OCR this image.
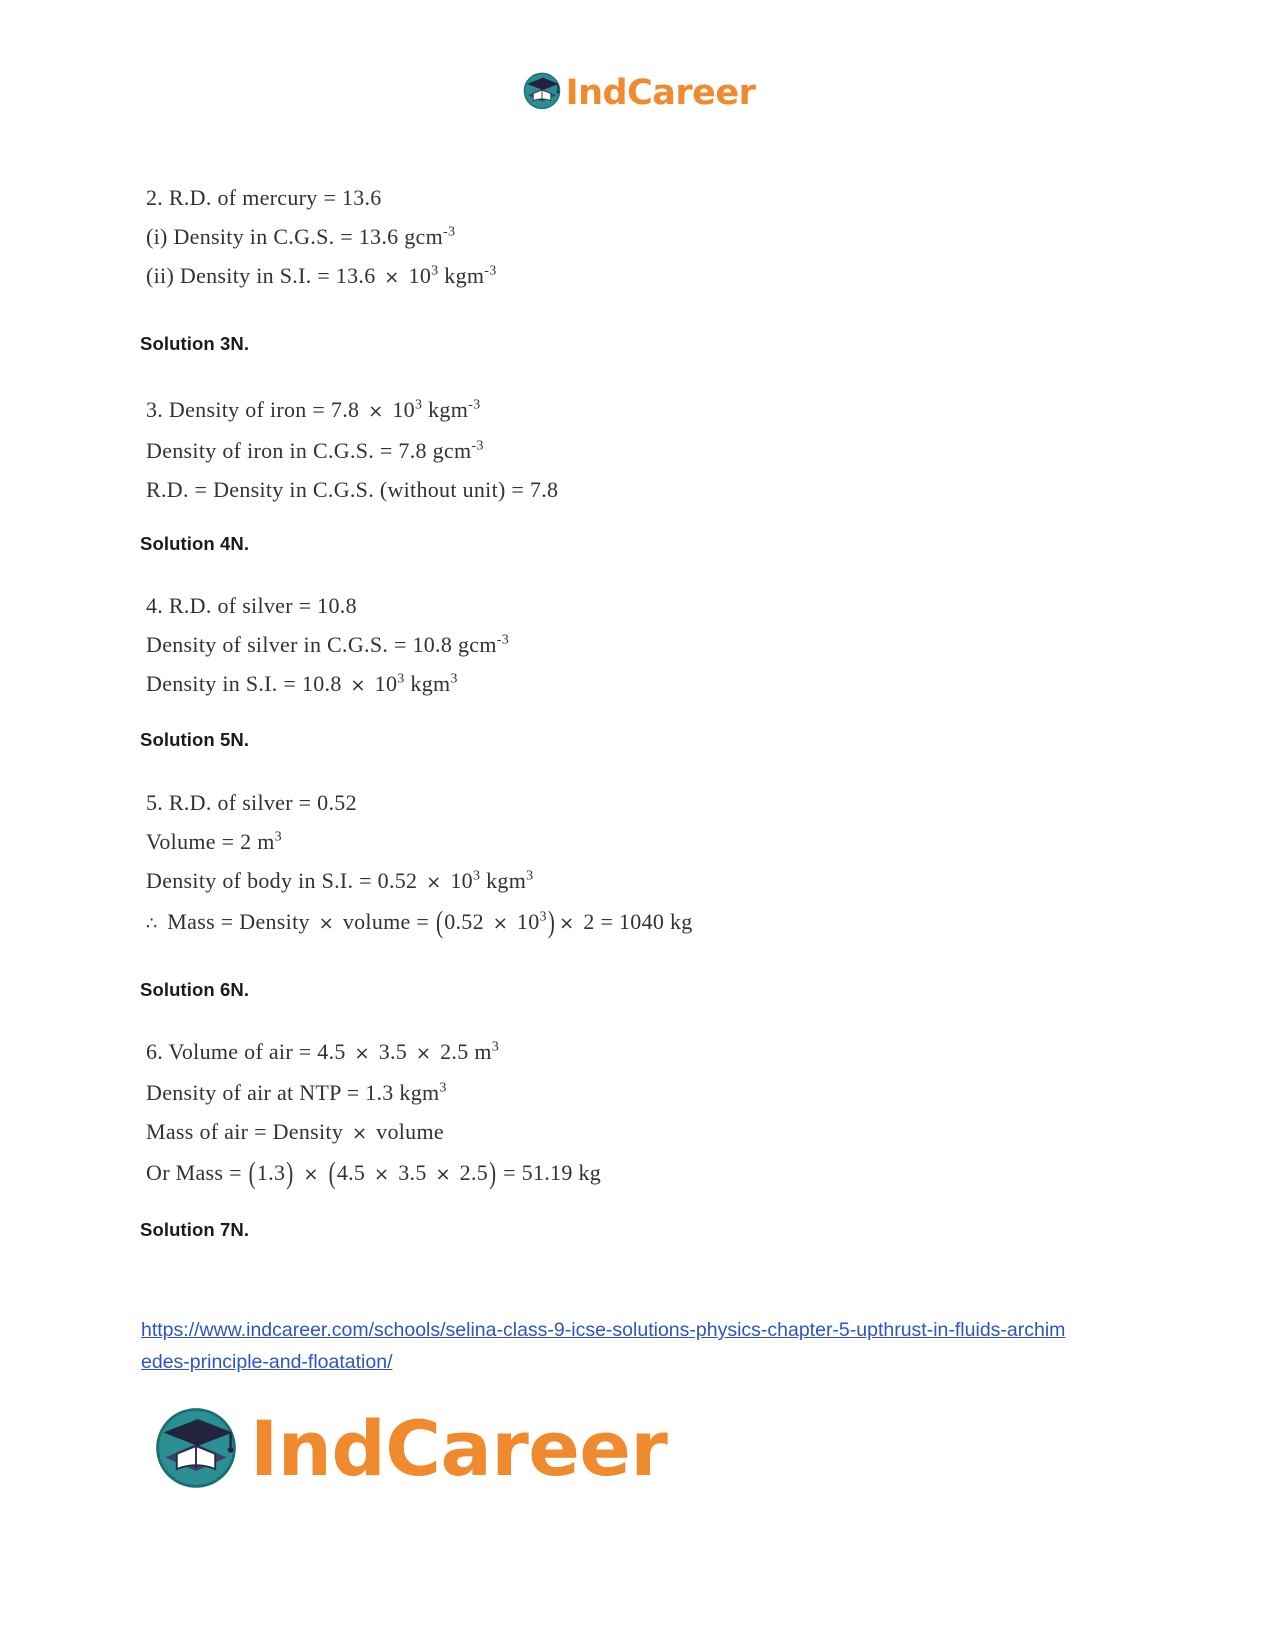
IndCareer
2. R.D. of mercury = 13.6
(i) Density in C.G.S. = 13.6 gcm$^{-3}$
(ii) Density in S.I. = $13.6 \times 10^3$ kgm$^{-3}$
Solution 3N.
3. Density of iron = $7.8 \times 10^3$ kgm$^{-3}$
Density of iron in C.G.S. = 7.8 gcm$^{-3}$
R.D. = Density in C.G.S. (without unit) = 7.8
Solution 4N.
4. R.D. of silver = 10.8
Density of silver in C.G.S. = 10.8 gcm$^{-3}$
Density in S.I. = $10.8 \times 10^3$ kgm$^3$
Solution 5N.
5. R.D. of silver = 0.52
Volume = 2 $m^3$
Density of body in S.I. = $0.52 \times 10^3$ kgm$^3$
∴ Mass = Density × volume = $(0.52 \times 10^3) \times 2 = 1040$ kg
Solution 6N.
6. Volume of air = 4.5 × 3.5 × 2.5 $m^3$
Density of air at NTP = 1.3 kgm$^3$
Mass of air = Density × volume
Or Mass = (1.3) × (4.5 × 3.5 × 2.5) = 51.19 kg
Solution 7N.
https://www.indcareer.com/schools/selina-class-9-icse-solutions-physics-chapter-5-upthrust-in-fluids-archimedes-principle-and-floatation/
IndCareer
